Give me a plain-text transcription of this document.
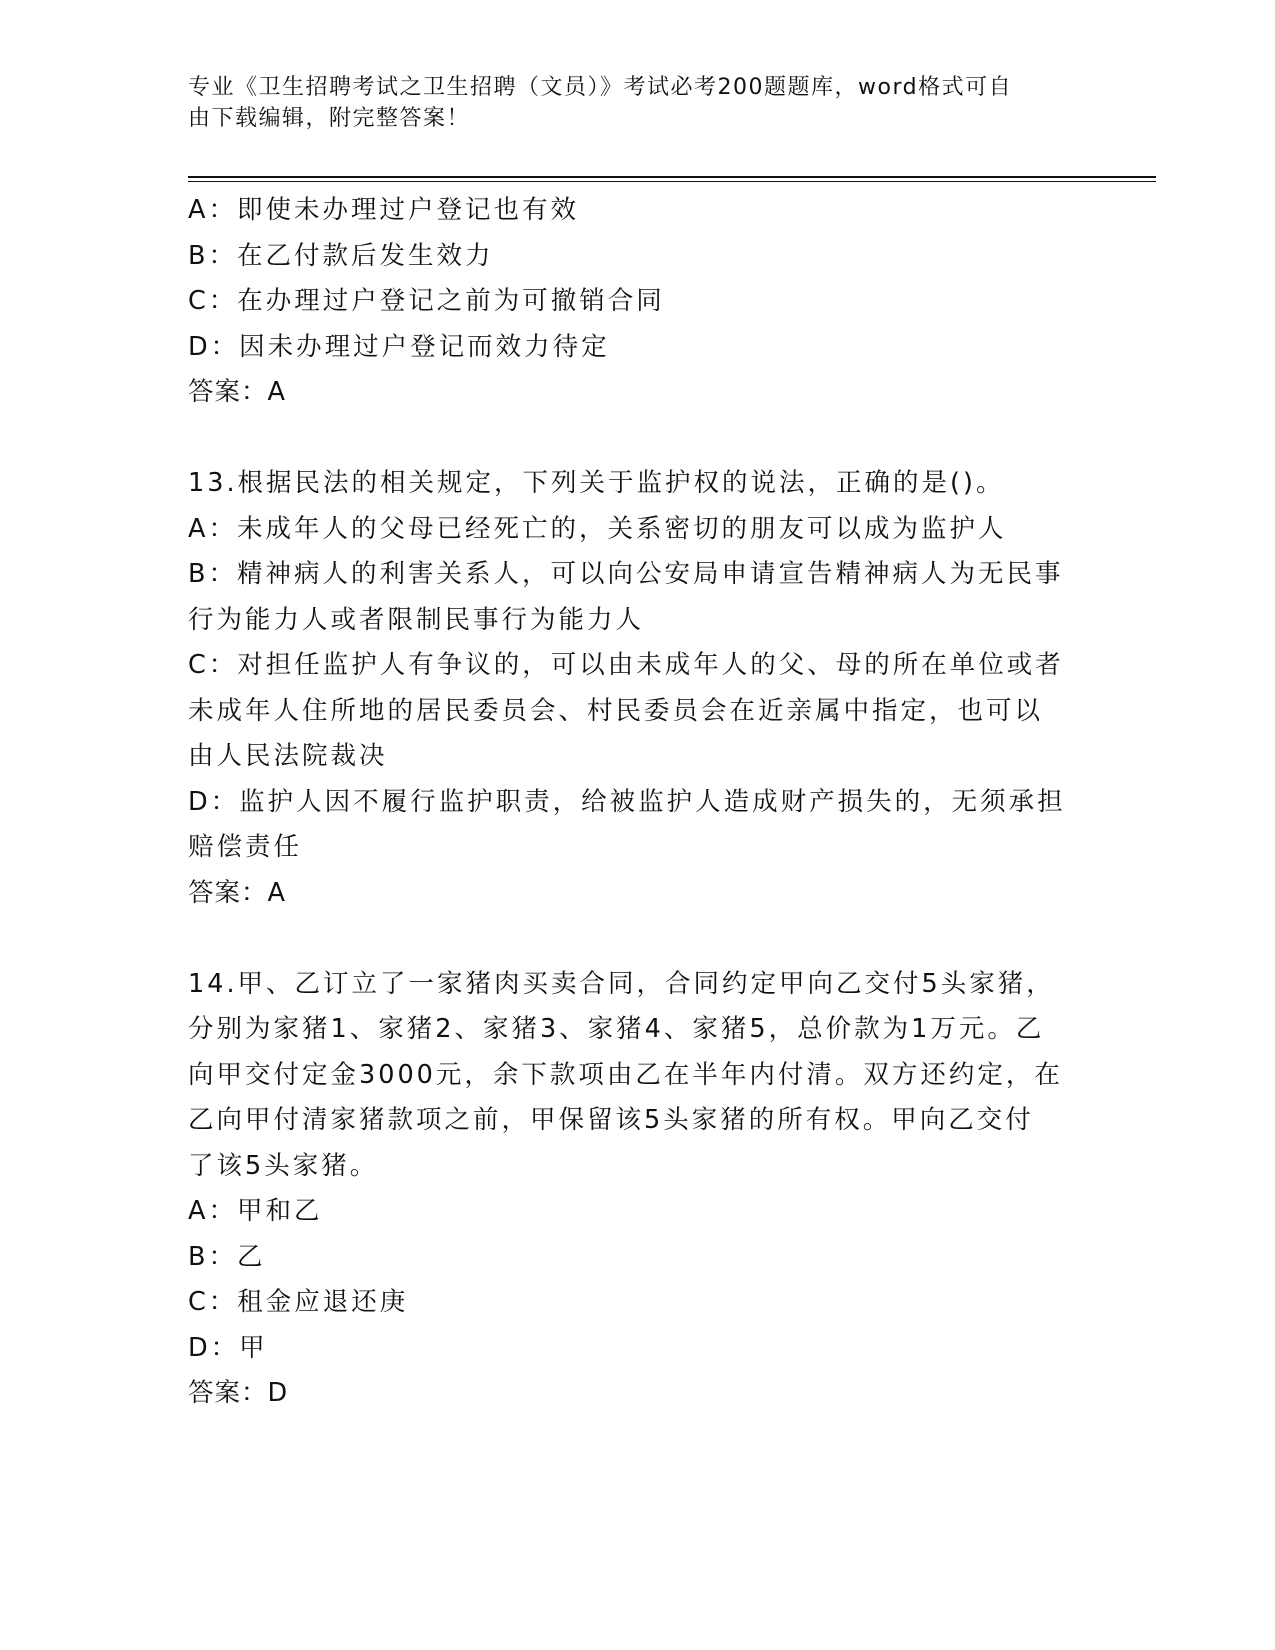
专业《卫生招聘考试之卫生招聘（文员）》考试必考200题题库，word格式可自
由下载编辑，附完整答案！
A：即使未办理过户登记也有效
B：在乙付款后发生效力
C：在办理过户登记之前为可撤销合同
D：因未办理过户登记而效力待定
答案：A
13.根据民法的相关规定，下列关于监护权的说法，正确的是()。
A：未成年人的父母已经死亡的，关系密切的朋友可以成为监护人
B：精神病人的利害关系人，可以向公安局申请宣告精神病人为无民事
行为能力人或者限制民事行为能力人
C：对担任监护人有争议的，可以由未成年人的父、母的所在单位或者
未成年人住所地的居民委员会、村民委员会在近亲属中指定，也可以
由人民法院裁决
D：监护人因不履行监护职责，给被监护人造成财产损失的，无须承担
赔偿责任
答案：A
14.甲、乙订立了一家猪肉买卖合同，合同约定甲向乙交付5头家猪，
分别为家猪1、家猪2、家猪3、家猪4、家猪5，总价款为1万元。乙
向甲交付定金3000元，余下款项由乙在半年内付清。双方还约定，在
乙向甲付清家猪款项之前，甲保留该5头家猪的所有权。甲向乙交付
了该5头家猪。
A：甲和乙
B：乙
C：租金应退还庚
D：甲
答案：D
